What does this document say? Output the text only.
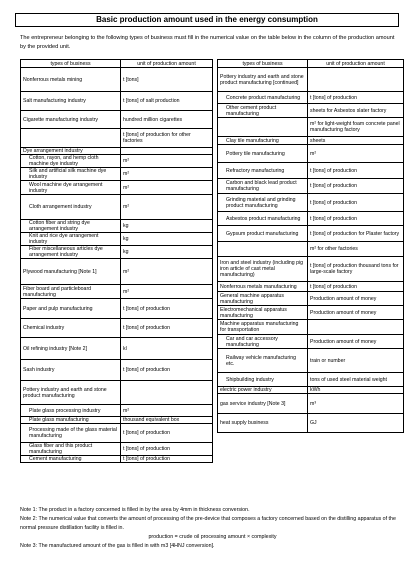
Basic production amount used in the energy consumption
The entrepreneur belonging to the following types of business must fill in the numerical value on the table below in the column of the production amount by the provided unit.
types of business	unit of production amount
Nonferrous metals mining	t [tons]
Salt manufacturing industry	t [tons] of salt production
Cigarette manufacturing industry	hundred million cigarettes
	t [tons] of production for other factories
Dye arrangement industry	
Cotton, rayon, and hemp cloth machine dye industry	m²
Silk and artificial silk machine dye industry	m²
Wool machine dye arrangement industry	m²
Cloth arrangement industry	m²
Cotton fiber and string dye arrangement industry	kg
Knit and rice dye arrangement industry	kg
Fiber miscellaneous articles dye arrangement industry	kg
Plywood manufacturing [Note 1]	m²
Fiber board and particleboard manufacturing	m²
Paper and pulp manufacturing	t [tons] of production
Chemical industry	t [tons] of production
Oil refining industry [Note 2]	kl
Sash industry	t [tons] of production
Pottery industry and earth and stone product manufacturing	
Plate glass processing industry	m²
Plate glass manufacturing	thousand equivalent box
Processing made of the glass material manufacturing	t [tons] of production
Glass fiber and this product manufacturing	t [tons] of production
Cement manufacturing	t [tons] of production
types of business	unit of production amount
Pottery industry and earth and stone product manufacturing [continued]	
Concrete product manufacturing	t [tons] of production
Other cement product manufacturing	sheets for Asbestos slater factory
	m² for light-weight foam concrete panel manufacturing factory
Clay tile manufacturing	sheets
Pottery tile manufacturing	m²
Refractory manufacturing	t [tons] of production
Carbon and black lead product manufacturing	t [tons] of production
Grinding material and grinding product manufacturing	t [tons] of production
Asbestos product manufacturing	t [tons] of production
Gypsum product manufacturing	t [tons] of production for Plaster factory
	m² for other factories
Iron and steel industry (including pig iron article of cast metal manufacturing)	t [tons] of production thousand tons for large-scale factory
Nonferrous metals manufacturing	t [tons] of production
General machine apparatus manufacturing	Production amount of money
Electromechanical apparatus manufacturing	Production amount of money
Machine apparatus manufacturing for transportation	
Car and car accessory manufacturing	Production amount of money
Railway vehicle manufacturing etc.	train or number
Shipbuilding industry	tons of used steel material weight
electric power industry	kWh
gas service industry [Note 3]	m³
heat supply business	GJ
Note 1: The product in a factory concerned is filled in by the area by 4mm in thickness conversion.
Note 2: The numerical value that converts the amount of processing of the pre-device that composes a factory concerned based on the distilling apparatus of the normal pressure distillation facility is filled in.
production = crude oil processing amount × complexity
Note 3: The manufactured amount of the gas is filled in with m3 [4HNJ conversion].
